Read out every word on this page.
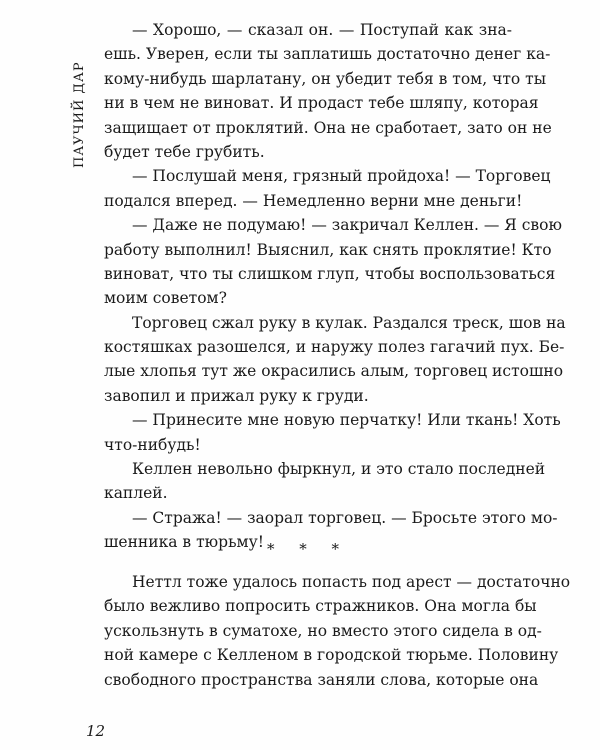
ПАУЧИЙ ДАР
— Хорошо, — сказал он. — Поступай как зна-
ешь. Уверен, если ты заплатишь достаточно денег ка-
кому-нибудь шарлатану, он убедит тебя в том, что ты
ни в чем не виноват. И продаст тебе шляпу, которая
защищает от проклятий. Она не сработает, зато он не
будет тебе грубить.
— Послушай меня, грязный пройдоха! — Торговец
подался вперед. — Немедленно верни мне деньги!
— Даже не подумаю! — закричал Келлен. — Я свою
работу выполнил! Выяснил, как снять проклятие! Кто
виноват, что ты слишком глуп, чтобы воспользоваться
моим советом?
Торговец сжал руку в кулак. Раздался треск, шов на
костяшках разошелся, и наружу полез гагачий пух. Бе-
лые хлопья тут же окрасились алым, торговец истошно
завопил и прижал руку к груди.
— Принесите мне новую перчатку! Или ткань! Хоть
что-нибудь!
Келлен невольно фыркнул, и это стало последней
каплей.
— Стража! — заорал торговец. — Бросьте этого мо-
шенника в тюрьму! * * *
Неттл тоже удалось попасть под арест — достаточно
было вежливо попросить стражников. Она могла бы
ускользнуть в суматохе, но вместо этого сидела в од-
ной камере с Келленом в городской тюрьме. Половину
свободного пространства заняли слова, которые она
12
